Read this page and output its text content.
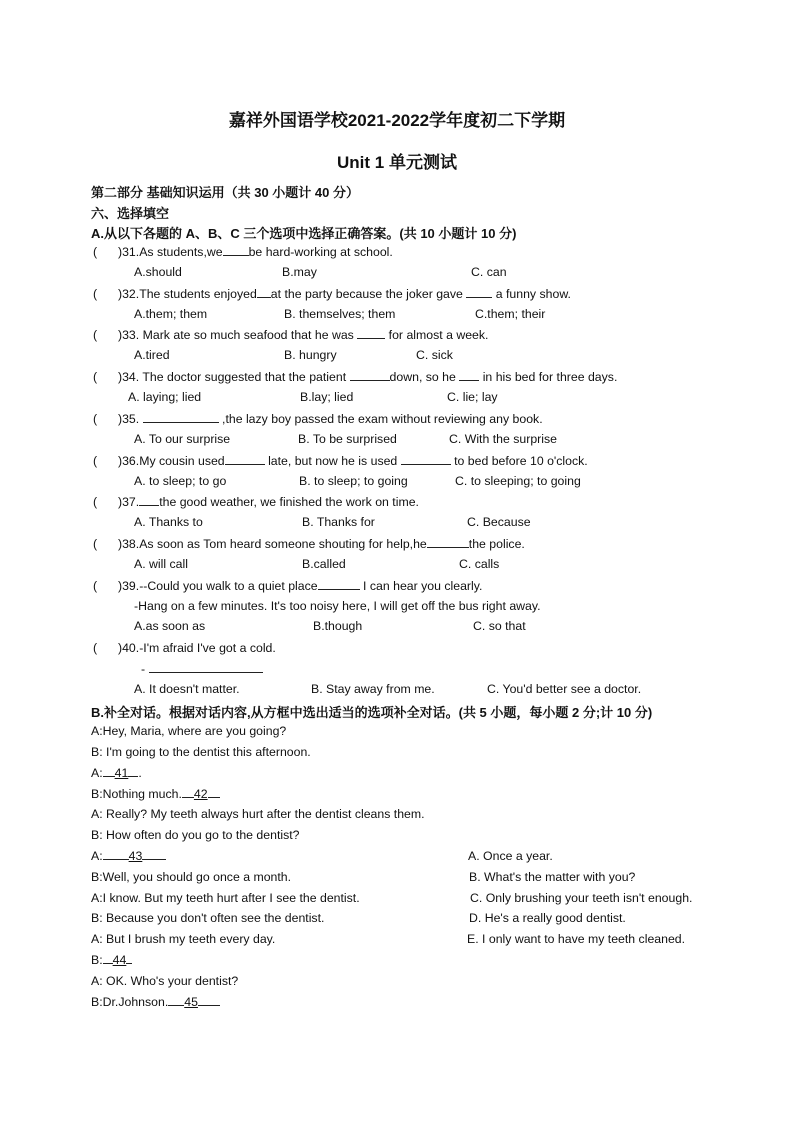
嘉祥外国语学校2021-2022学年度初二下学期
Unit 1 单元测试
第二部分 基础知识运用（共 30 小题计 40 分）
六、选择填空
A.从以下各题的 A、B、C 三个选项中选择正确答案。(共 10 小题计 10 分)
( )31.As students,we be hard-working at school.
A.should	B.may	C. can
( )32.The students enjoyed at the party because the joker gave	a funny show.
A.them; them	B. themselves; them	C.them; their
( )33. Mark ate so much seafood that he was	for almost a week.
A.tired	B. hungry	C. sick
( )34. The doctor suggested that the patient	down, so he in his bed for three days.
A. laying; lied	B.lay; lied	C. lie; lay
( )35.	,the lazy boy passed the exam without reviewing any book.
A. To our surprise	B. To be surprised	C. With the surprise
( )36.My cousin used	late, but now he is used	to bed before 10 o'clock.
A. to sleep; to go	B. to sleep; to going	C. to sleeping; to going
( )37. the good weather, we finished the work on time.
A. Thanks to	B. Thanks for	C. Because
( )38.As soon as Tom heard someone shouting for help,he	the police.
A. will call	B.called	C. calls
( )39.--Could you walk to a quiet place	I can hear you clearly.
-Hang on a few minutes. It's too noisy here, I will get off the bus right away.
A.as soon as	B.though	C. so that
( )40.-I'm afraid I've got a cold.
-
A. It doesn't matter.	B. Stay away from me.	C. You'd better see a doctor.
B.补全对话。根据对话内容,从方框中选出适当的选项补全对话。(共 5 小题，每小题 2 分;计 10 分)
A:Hey, Maria, where are you going?
B: I'm going to the dentist this afternoon.
A: 41 .
B:Nothing much. 42
A: Really? My teeth always hurt after the dentist cleans them.
B: How often do you go to the dentist?
A: 43
B:Well, you should go once a month.
A:I know. But my teeth hurt after I see the dentist.
B: Because you don't often see the dentist.
A: But I brush my teeth every day.
B: 44
A: OK. Who's your dentist?
B:Dr.Johnson. 45
A. Once a year.
B. What's the matter with you?
C. Only brushing your teeth isn't enough.
D. He's a really good dentist.
E. I only want to have my teeth cleaned.
